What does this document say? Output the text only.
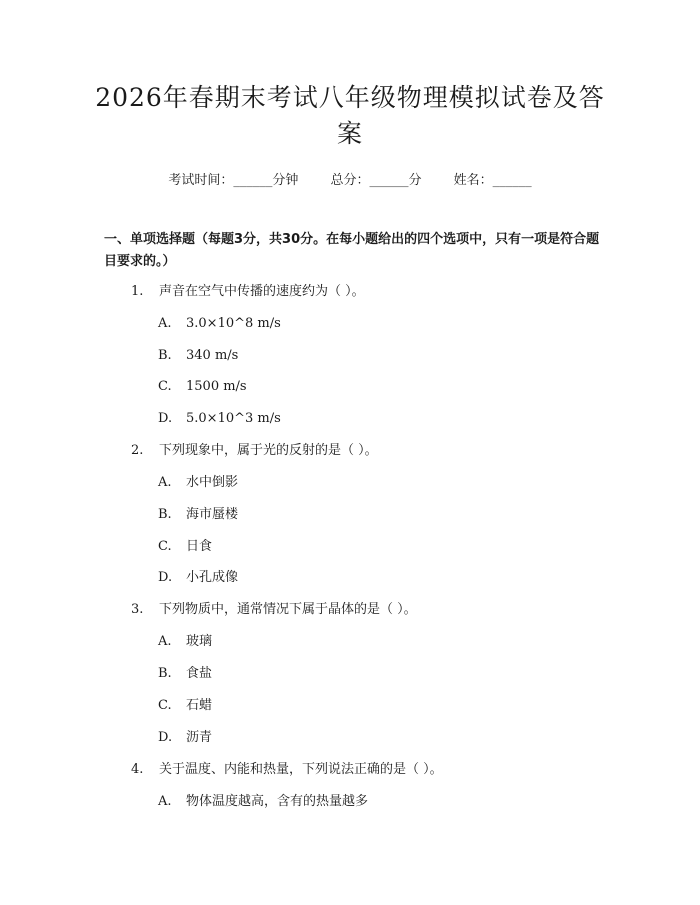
2026年春期末考试八年级物理模拟试卷及答案
考试时间：______分钟 总分：______分 姓名：______
一、单项选择题（每题3分，共30分。在每小题给出的四个选项中，只有一项是符合题目要求的。）
1. 声音在空气中传播的速度约为（ ）。
A. 3.0×10^8 m/s
B. 340 m/s
C. 1500 m/s
D. 5.0×10^3 m/s
2. 下列现象中，属于光的反射的是（ ）。
A. 水中倒影
B. 海市蜃楼
C. 日食
D. 小孔成像
3. 下列物质中，通常情况下属于晶体的是（ ）。
A. 玻璃
B. 食盐
C. 石蜡
D. 沥青
4. 关于温度、内能和热量，下列说法正确的是（ ）。
A. 物体温度越高，含有的热量越多
